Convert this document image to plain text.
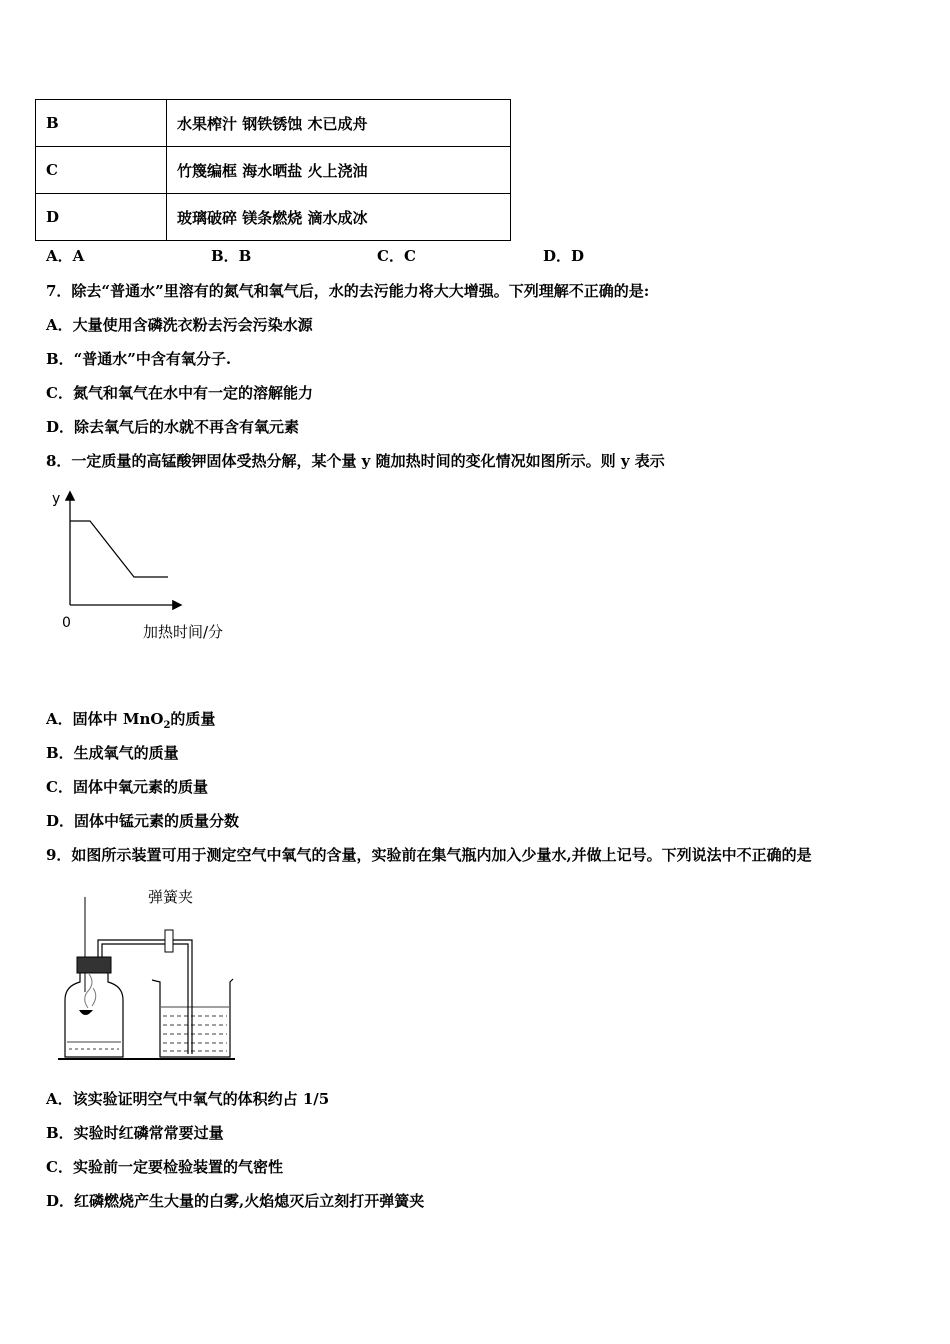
B	水果榨汁 钢铁锈蚀 木已成舟
C	竹篾编框 海水晒盐 火上浇油
D	玻璃破碎 镁条燃烧 滴水成冰
A．A	B．B	C．C	D．D
7．除去“普通水”里溶有的氮气和氧气后，水的去污能力将大大增强。下列理解不正确的是:
A．大量使用含磷洗衣粉去污会污染水源
B．“普通水”中含有氧分子.
C．氮气和氧气在水中有一定的溶解能力
D．除去氧气后的水就不再含有氧元素
8．一定质量的高锰酸钾固体受热分解，某个量 y 随加热时间的变化情况如图所示。则 y 表示
y
0	加热时间/分
A．固体中 MnO$_2$的质量
B．生成氧气的质量
C．固体中氧元素的质量
D．固体中锰元素的质量分数
9．如图所示装置可用于测定空气中氧气的含量，实验前在集气瓶内加入少量水,并做上记号。下列说法中不正确的是
弹簧夹
A．该实验证明空气中氧气的体积约占 1/5
B．实验时红磷常常要过量
C．实验前一定要检验装置的气密性
D．红磷燃烧产生大量的白雾,火焰熄灭后立刻打开弹簧夹
